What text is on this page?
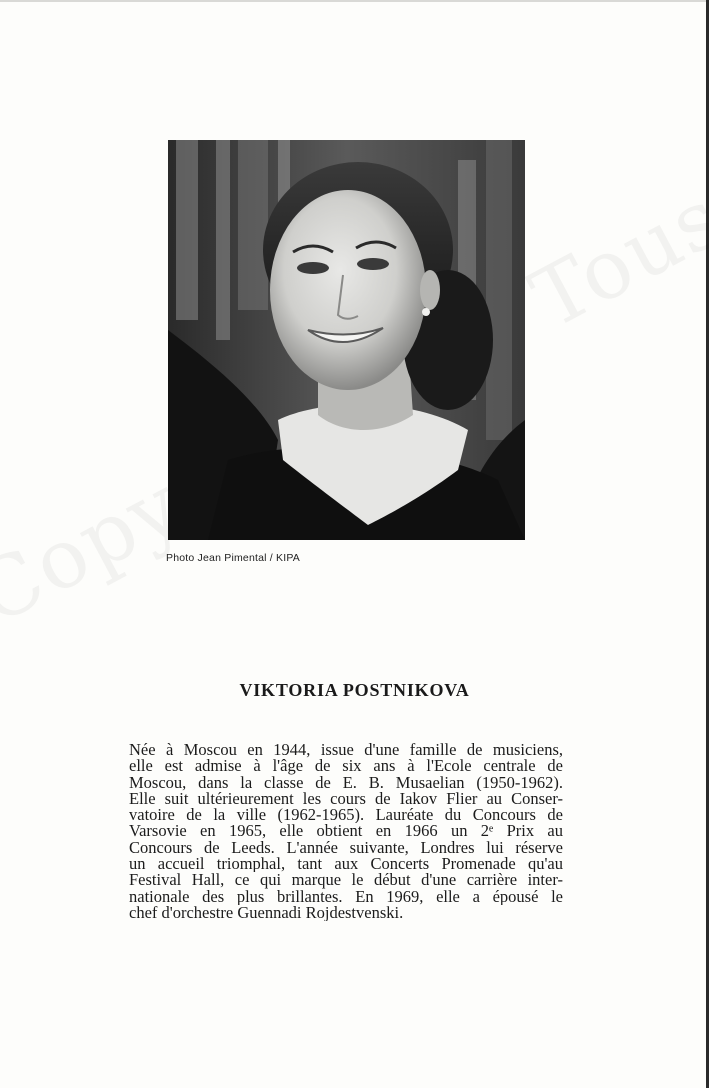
Photo Jean Pimental / KIPA
VIKTORIA POSTNIKOVA
Née à Moscou en 1944, issue d'une famille de musiciens,
elle est admise à l'âge de six ans à l'Ecole centrale de
Moscou, dans la classe de E. B. Musaelian (1950-1962).
Elle suit ultérieurement les cours de Iakov Flier au Conser-
vatoire de la ville (1962-1965). Lauréate du Concours de
Varsovie en 1965, elle obtient en 1966 un 2ᵉ Prix au
Concours de Leeds. L'année suivante, Londres lui réserve
un accueil triomphal, tant aux Concerts Promenade qu'au
Festival Hall, ce qui marque le début d'une carrière inter-
nationale des plus brillantes. En 1969, elle a épousé le
chef d'orchestre Guennadi Rojdestvenski.
